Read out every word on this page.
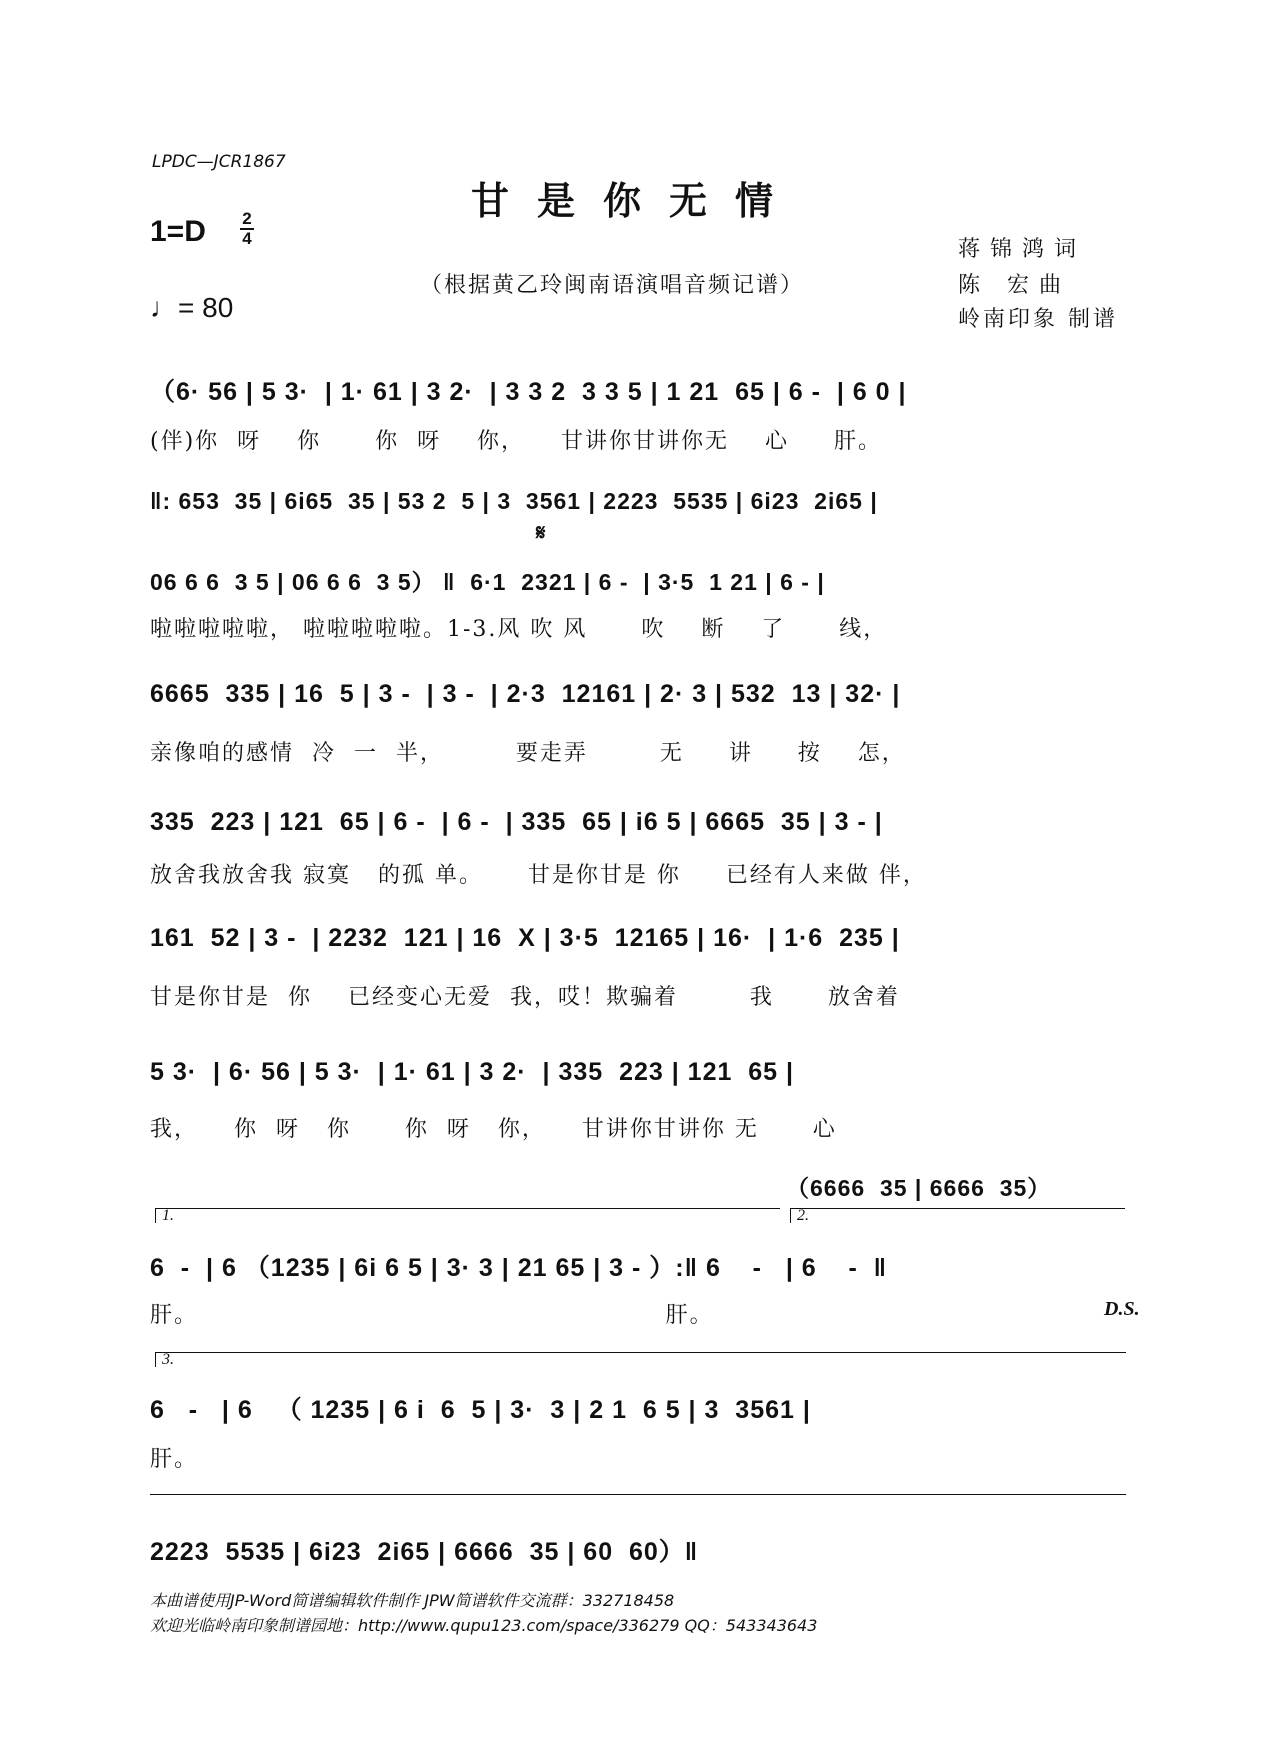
LPDC—JCR1867
甘是你无情
1=D 2
4
♩= 80
（根据黄乙玲闽南语演唱音频记谱）
蒋锦鸿词
陈 宏曲
岭南印象 制谱
（6· 56 | 5 3·  | 1· 61 | 3 2·  | 3 3 2  3 3 5 | 1 21  65 | 6 -  | 6 0 |
(伴)你  呀    你      你  呀    你，    甘讲你甘讲你无    心     肝。
‖: 653  35 | 6i65  35 | 53 2  5 | 3  3561 | 2223  5535 | 6i23  2i65 |
𝄋
06 6 6  3 5 | 06 6 6  3 5） ‖  6·1  2321 | 6 -  | 3·5  1 21 | 6 - |
啦啦啦啦啦， 啦啦啦啦啦。1-3.风 吹 风      吹    断    了      线，
6665  335 | 16  5 | 3 -  | 3 -  | 2·3  12161 | 2· 3 | 532  13 | 32· |
亲像咱的感情  冷  一  半，        要走弄        无     讲     按    怎，
335  223 | 121  65 | 6 -  | 6 -  | 335  65 | i6 5 | 6665  35 | 3 - |
放舍我放舍我 寂寞   的孤 单。     甘是你甘是 你     已经有人来做 伴，
161  52 | 3 -  | 2232  121 | 16  X | 3·5  12165 | 16·  | 1·6  235 |
甘是你甘是  你    已经变心无爱  我，哎！欺骗着        我      放舍着
5 3·  | 6· 56 | 5 3·  | 1· 61 | 3 2·  | 335  223 | 121  65 |
我，    你  呀   你      你  呀   你，    甘讲你甘讲你 无      心
（6666  35 | 6666  35）
1.	2.
3.
6  -  | 6 （1235 | 6i 6 5 | 3· 3 | 21 65 | 3 - ）:‖ 6    -   | 6    -  ‖
肝。                                                    肝。	D.S.
6   -   | 6   （ 1235 | 6 i  6  5 | 3·  3 | 2 1  6 5 | 3  3561 |
肝。
2223  5535 | 6i23  2i65 | 6666  35 | 60  60）‖
本曲谱使用JP-Word简谱编辑软件制作 JPW简谱软件交流群：332718458
欢迎光临岭南印象制谱园地：http://www.qupu123.com/space/336279 QQ：543343643
